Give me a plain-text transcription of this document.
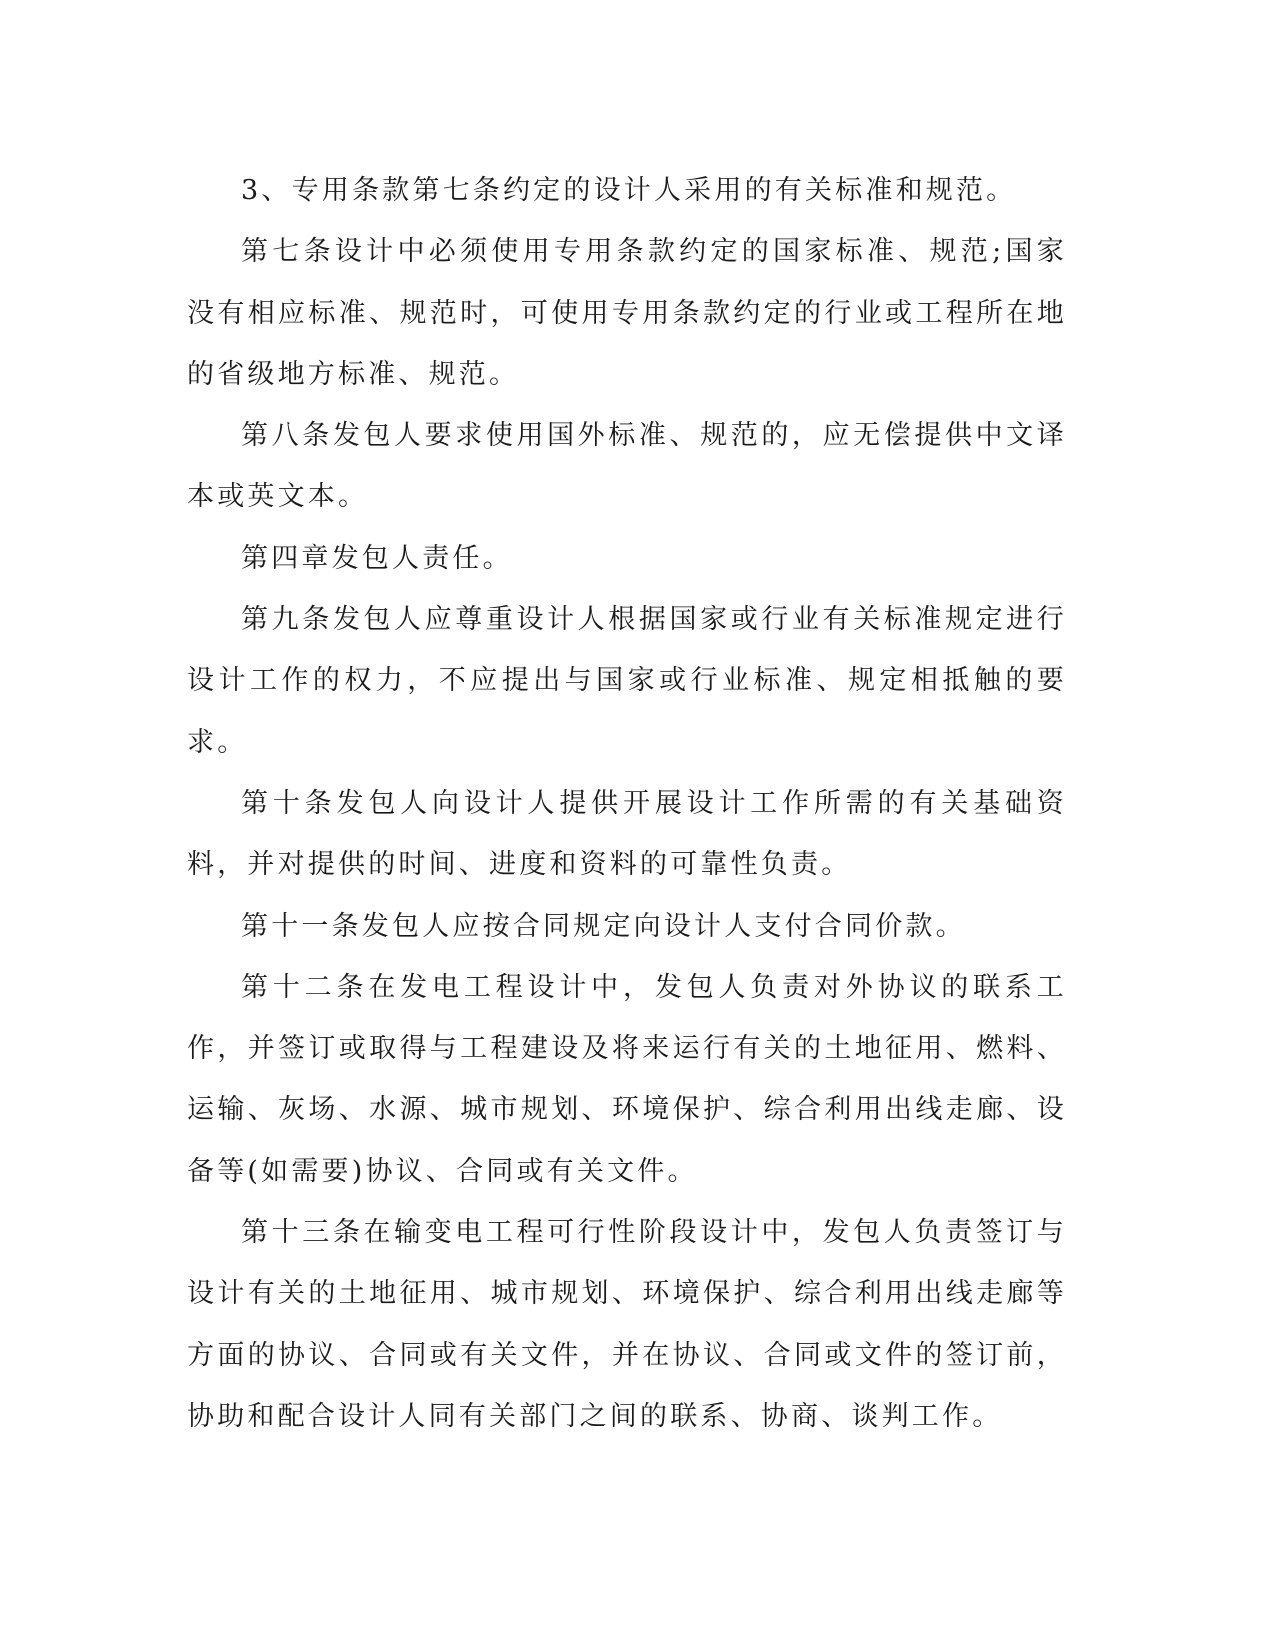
3、专用条款第七条约定的设计人采用的有关标准和规范。

第七条设计中必须使用专用条款约定的国家标准、规范;国家没有相应标准、规范时，可使用专用条款约定的行业或工程所在地的省级地方标准、规范。

第八条发包人要求使用国外标准、规范的，应无偿提供中文译本或英文本。

第四章发包人责任。

第九条发包人应尊重设计人根据国家或行业有关标准规定进行设计工作的权力，不应提出与国家或行业标准、规定相抵触的要求。

第十条发包人向设计人提供开展设计工作所需的有关基础资料，并对提供的时间、进度和资料的可靠性负责。

第十一条发包人应按合同规定向设计人支付合同价款。

第十二条在发电工程设计中，发包人负责对外协议的联系工作，并签订或取得与工程建设及将来运行有关的土地征用、燃料、运输、灰场、水源、城市规划、环境保护、综合利用出线走廊、设备等(如需要)协议、合同或有关文件。

第十三条在输变电工程可行性阶段设计中，发包人负责签订与设计有关的土地征用、城市规划、环境保护、综合利用出线走廊等方面的协议、合同或有关文件，并在协议、合同或文件的签订前，协助和配合设计人同有关部门之间的联系、协商、谈判工作。
